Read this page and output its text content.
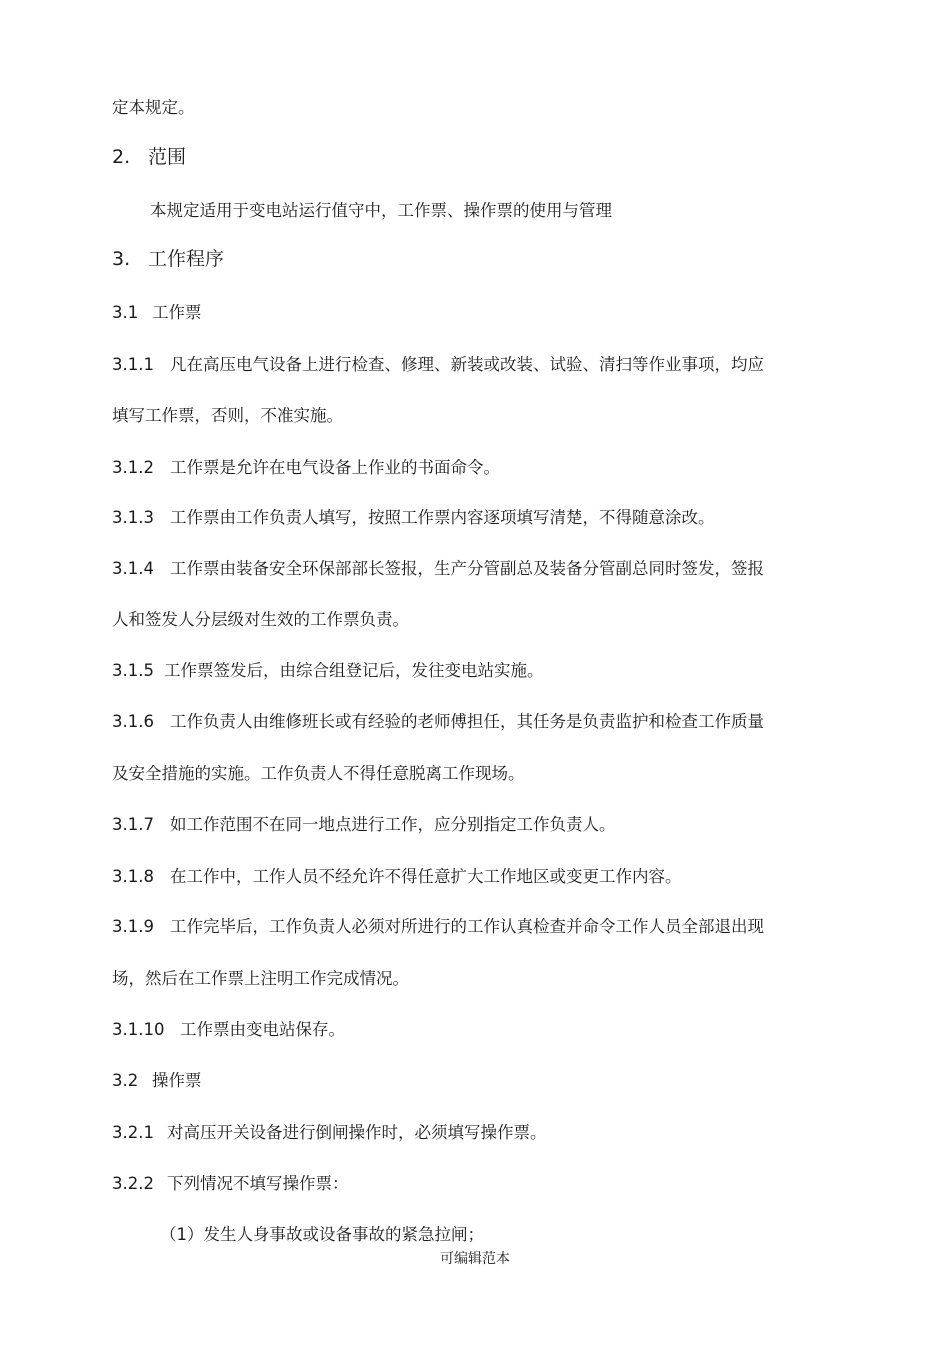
定本规定。
2. 范围
本规定适用于变电站运行值守中，工作票、操作票的使用与管理
3. 工作程序
3.1 工作票
3.1.1 凡在高压电气设备上进行检查、修理、新装或改装、试验、清扫等作业事项，均应
填写工作票，否则，不准实施。
3.1.2 工作票是允许在电气设备上作业的书面命令。
3.1.3 工作票由工作负责人填写，按照工作票内容逐项填写清楚，不得随意涂改。
3.1.4 工作票由装备安全环保部部长签报，生产分管副总及装备分管副总同时签发，签报
人和签发人分层级对生效的工作票负责。
3.1.5 工作票签发后，由综合组登记后，发往变电站实施。
3.1.6 工作负责人由维修班长或有经验的老师傅担任，其任务是负责监护和检查工作质量
及安全措施的实施。工作负责人不得任意脱离工作现场。
3.1.7 如工作范围不在同一地点进行工作，应分别指定工作负责人。
3.1.8 在工作中，工作人员不经允许不得任意扩大工作地区或变更工作内容。
3.1.9 工作完毕后，工作负责人必须对所进行的工作认真检查并命令工作人员全部退出现
场，然后在工作票上注明工作完成情况。
3.1.10 工作票由变电站保存。
3.2 操作票
3.2.1 对高压开关设备进行倒闸操作时，必须填写操作票。
3.2.2 下列情况不填写操作票：
（1）发生人身事故或设备事故的紧急拉闸；
可编辑范本
